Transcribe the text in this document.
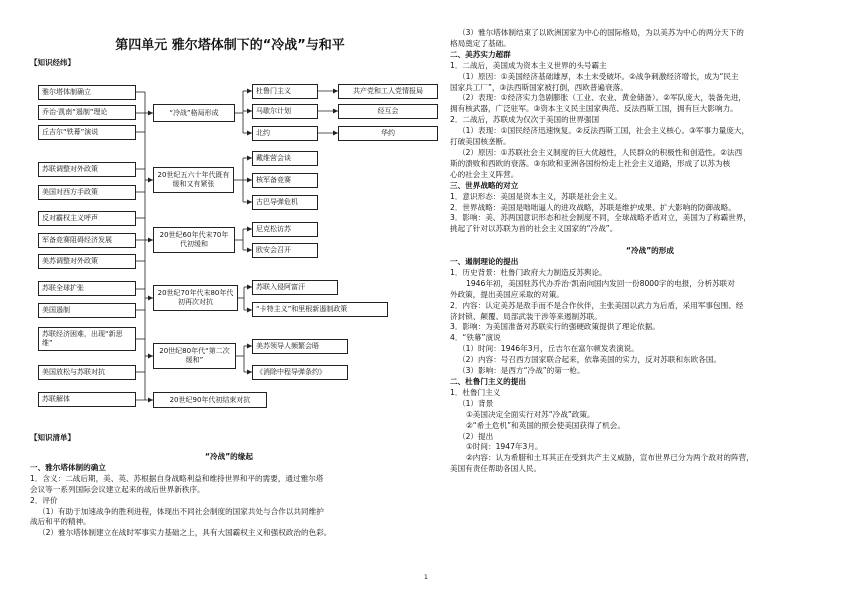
第四单元 雅尔塔体制下的“冷战”与和平
【知识经纬】
雅尔塔体制确立
乔治·凯南“遏制”理论
丘吉尔“铁幕”演说
苏联调整对外政策
美国对西方手政策
反对霸权主义呼声
军备竞赛阻碍经济发展
美苏调整对外政策
苏联全球扩张
美国遏制
苏联经济困难，出现“新思维”
美国放松与苏联对抗
苏联解体
“冷战”格局形成
20世纪五六十年代既有缓和又有紧张
20世纪60年代末70年代初缓和
20世纪70年代末80年代初再次对抗
20世纪80年代“第二次缓和”
20世纪90年代初结束对抗
杜鲁门主义
马歇尔计划
北约
共产党和工人党情报局
经互会
华约
戴维营会谈
核军备竞赛
古巴导弹危机
尼克松访苏
欧安会召开
苏联入侵阿富汗
“卡特主义”和里根新遏制政策
美苏领导人频繁会晤
《消除中程导弹条约》
【知识清单】
“冷战”的缘起
一、雅尔塔体制的确立
1．含义：二战后期，美、英、苏根据自身战略利益和维持世界和平的需要，通过雅尔塔
会议等一系列国际会议建立起来的战后世界新秩序。
2．评价
（1）有助于加速战争的胜利进程，体现出不同社会制度的国家共处与合作以共同维护
战后和平的精神。
（2）雅尔塔体制建立在战时军事实力基础之上，具有大国霸权主义和强权政治的色彩。
（3）雅尔塔体制结束了以欧洲国家为中心的国际格局，为以美苏为中心的两分天下的
格局奠定了基础。
二、美苏实力超群
1．二战后，美国成为资本主义世界的头号霸主
（1）原因：①美国经济基础雄厚，本土未受破坏。②战争刺激经济增长，成为“民主
国家兵工厂”，③法西斯国家被打倒，西欧普遍衰落。
（2）表现：①经济实力急剧膨胀（工业、农业、黄金储备）。②军队庞大，装备先进，
拥有核武器，广泛驻军。③资本主义民主国家典范、反法西斯工国，拥有巨大影响力。
2．二战后，苏联成为仅次于美国的世界强国
（1）表现：①国民经济迅速恢复。②反法西斯工国，社会主义核心。③军事力量庞大，
打破美国核垄断。
（2）原因：①苏联社会主义制度的巨大优越性，人民群众的积极性和创造性。②法西
斯的溃败和西欧的衰落。③东欧和亚洲各国纷纷走上社会主义道路，形成了以苏为核
心的社会主义阵营。
三、世界战略的对立
1．意识形态：美国是资本主义，苏联是社会主义。
2．世界战略：美国是咄咄逼人的进攻战略，苏联是维护成果、扩大影响的防御战略。
3．影响：美、苏两国意识形态和社会制度不同，全球战略矛盾对立，美国为了称霸世界，
挑起了针对以苏联为首的社会主义国家的“冷战”。
“冷战”的形成
一、遏制理论的提出
1．历史背景：杜鲁门政府大力制造反苏舆论。
1946年初，美国驻苏代办乔治·凯南向国内发回一份8000字的电报，分析苏联对
外政策，提出美国应采取的对策。
2．内容：认定美苏是敌手而不是合作伙伴，主张美国以武力为后盾，采用军事包围、经
济封锁、颠覆、局部武装干涉等来遏制苏联。
3．影响：为美国准备对苏联实行的强硬政策提供了理论依据。
4．“铁幕”演说
（1）时间：1946年3月，丘吉尔在富尔顿发表演说。
（2）内容：号召西方国家联合起来，依靠美国的实力，反对苏联和东欧各国。
（3）影响：是西方“冷战”的第一枪。
二、杜鲁门主义的提出
1．杜鲁门主义
（1）背景
①美国决定全面实行对苏“冷战”政策。
②“希土危机”和英国的照会使美国获得了机会。
（2）提出
①时间：1947年3月。
②内容：认为希腊和土耳其正在受到共产主义威胁，宣布世界已分为两个敌对的阵营，
美国有责任帮助各国人民。
1
